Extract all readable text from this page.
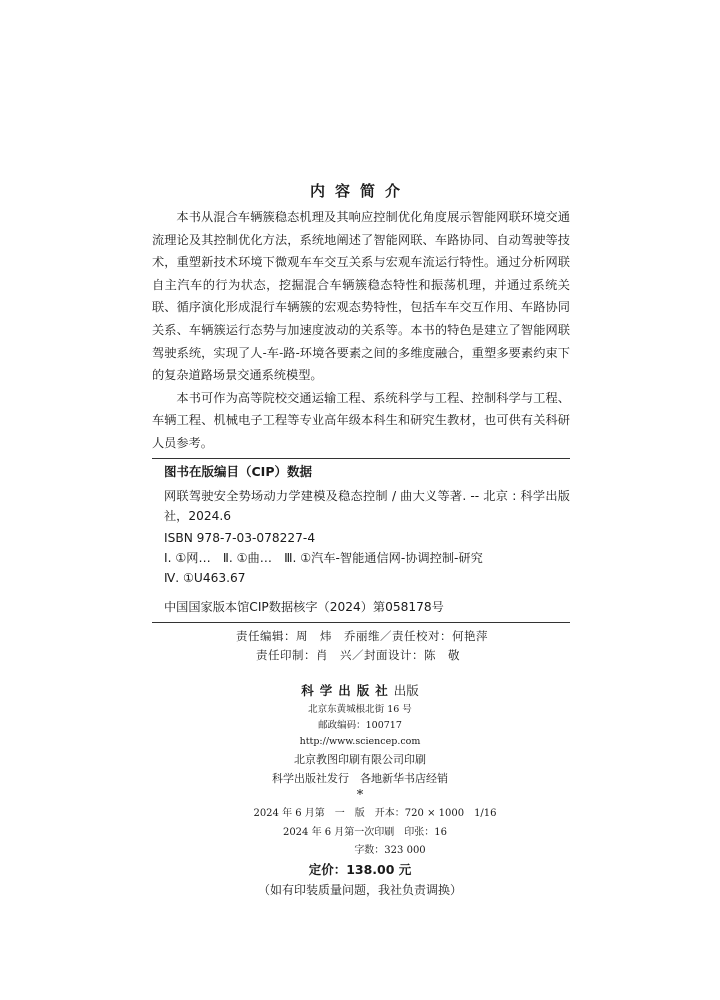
内容简介

本书从混合车辆簇稳态机理及其响应控制优化角度展示智能网联环境交通流理论及其控制优化方法，系统地阐述了智能网联、车路协同、自动驾驶等技术，重塑新技术环境下微观车车交互关系与宏观车流运行特性。通过分析网联自主汽车的行为状态，挖掘混合车辆簇稳态特性和振荡机理，并通过系统关联、循序演化形成混行车辆簇的宏观态势特性，包括车车交互作用、车路协同关系、车辆簇运行态势与加速度波动的关系等。本书的特色是建立了智能网联驾驶系统，实现了人-车-路-环境各要素之间的多维度融合，重塑多要素约束下的复杂道路场景交通系统模型。

本书可作为高等院校交通运输工程、系统科学与工程、控制科学与工程、车辆工程、机械电子工程等专业高年级本科生和研究生教材，也可供有关科研人员参考。

图书在版编目（CIP）数据
网联驾驶安全势场动力学建模及稳态控制 / 曲大义等著. -- 北京 : 科学出版社，2024.6
ISBN 978-7-03-078227-4
Ⅰ. ①网…　Ⅱ. ①曲…　Ⅲ. ①汽车-智能通信网-协调控制-研究
Ⅳ. ①U463.67
中国国家版本馆CIP数据核字（2024）第058178号
责任编辑：周　炜　乔丽维／责任校对：何艳萍
责任印制：肖　兴／封面设计：陈　敬
科学出版社出版
北京东黄城根北街 16 号
邮政编码：100717
http://www.sciencep.com
北京教图印刷有限公司印刷
科学出版社发行　各地新华书店经销
*
2024 年 6 月第　一　版　开本：720 × 1000　1/16
2024 年 6 月第一次印刷　印张：16
字数：323 000
定价：138.00 元
（如有印装质量问题，我社负责调换）
